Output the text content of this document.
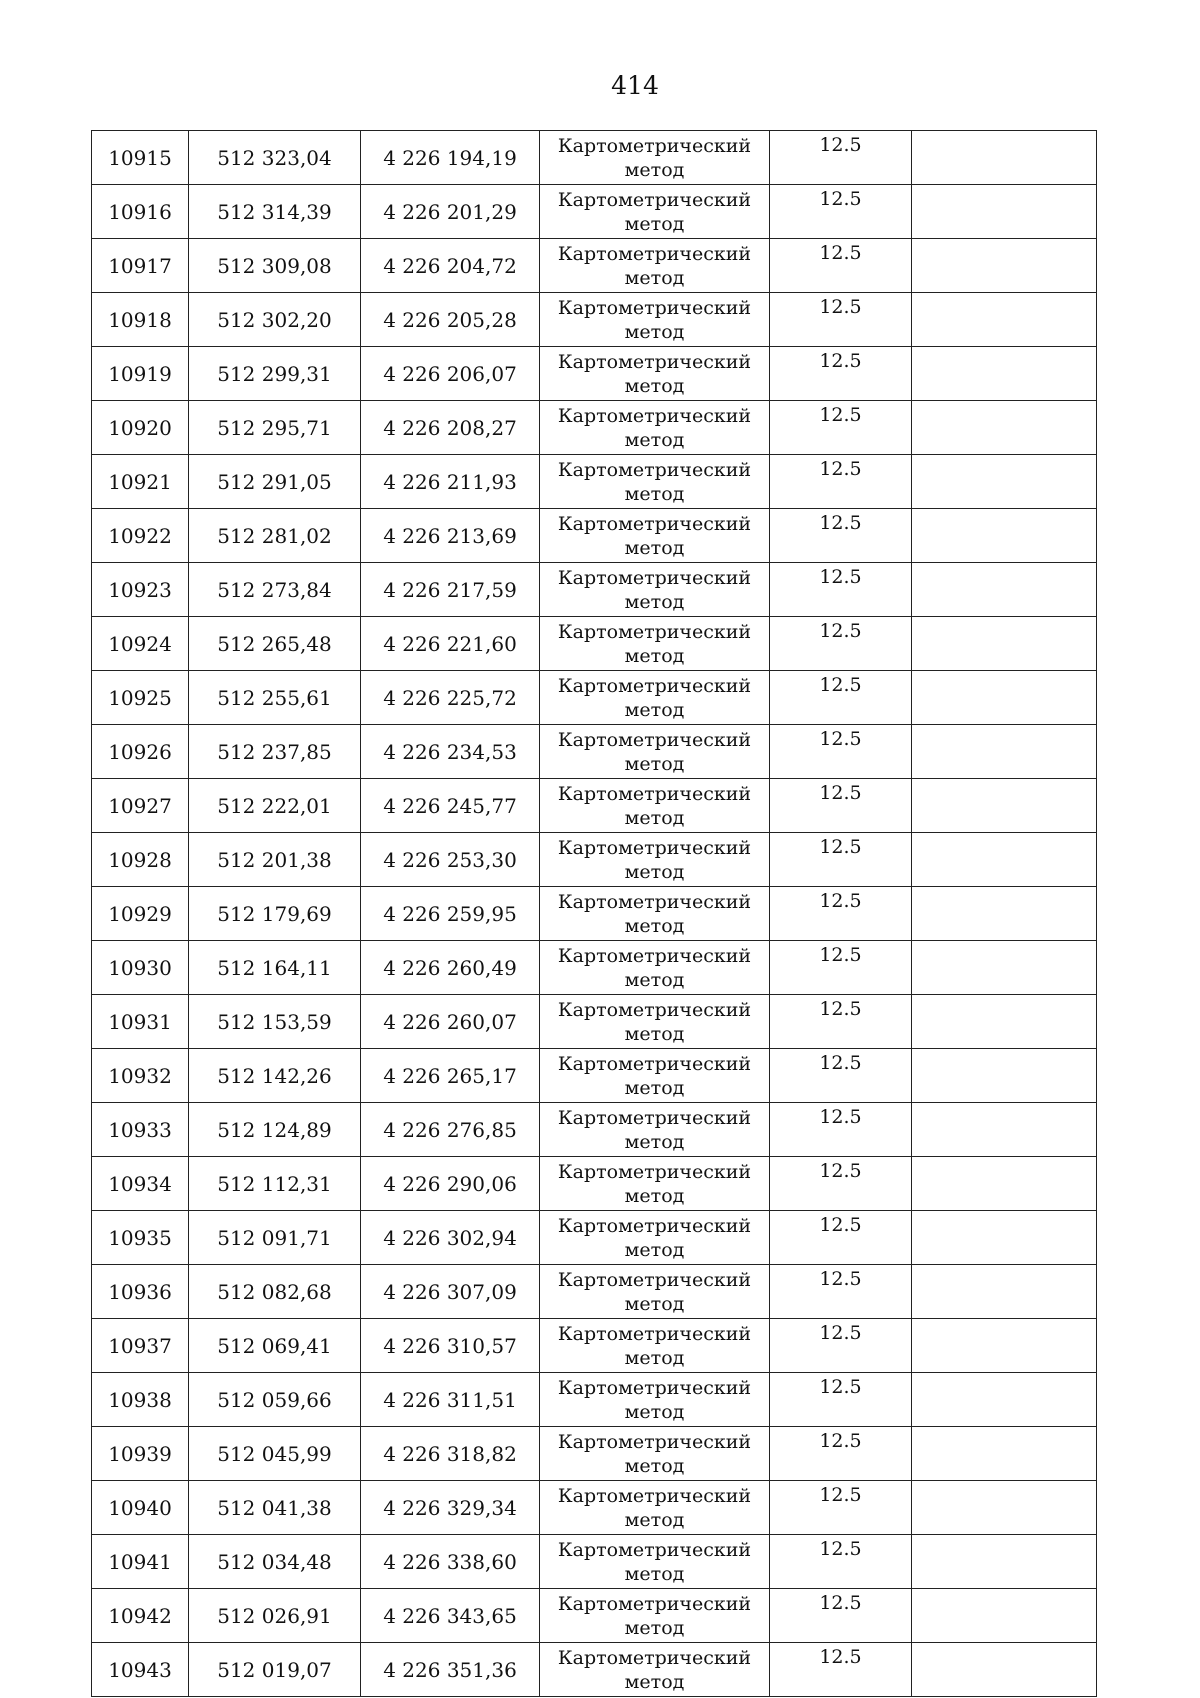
414
10915	512 323,04	4 226 194,19	Картометрический
метод	12.5	
10916	512 314,39	4 226 201,29	Картометрический
метод	12.5	
10917	512 309,08	4 226 204,72	Картометрический
метод	12.5	
10918	512 302,20	4 226 205,28	Картометрический
метод	12.5	
10919	512 299,31	4 226 206,07	Картометрический
метод	12.5	
10920	512 295,71	4 226 208,27	Картометрический
метод	12.5	
10921	512 291,05	4 226 211,93	Картометрический
метод	12.5	
10922	512 281,02	4 226 213,69	Картометрический
метод	12.5	
10923	512 273,84	4 226 217,59	Картометрический
метод	12.5	
10924	512 265,48	4 226 221,60	Картометрический
метод	12.5	
10925	512 255,61	4 226 225,72	Картометрический
метод	12.5	
10926	512 237,85	4 226 234,53	Картометрический
метод	12.5	
10927	512 222,01	4 226 245,77	Картометрический
метод	12.5	
10928	512 201,38	4 226 253,30	Картометрический
метод	12.5	
10929	512 179,69	4 226 259,95	Картометрический
метод	12.5	
10930	512 164,11	4 226 260,49	Картометрический
метод	12.5	
10931	512 153,59	4 226 260,07	Картометрический
метод	12.5	
10932	512 142,26	4 226 265,17	Картометрический
метод	12.5	
10933	512 124,89	4 226 276,85	Картометрический
метод	12.5	
10934	512 112,31	4 226 290,06	Картометрический
метод	12.5	
10935	512 091,71	4 226 302,94	Картометрический
метод	12.5	
10936	512 082,68	4 226 307,09	Картометрический
метод	12.5	
10937	512 069,41	4 226 310,57	Картометрический
метод	12.5	
10938	512 059,66	4 226 311,51	Картометрический
метод	12.5	
10939	512 045,99	4 226 318,82	Картометрический
метод	12.5	
10940	512 041,38	4 226 329,34	Картометрический
метод	12.5	
10941	512 034,48	4 226 338,60	Картометрический
метод	12.5	
10942	512 026,91	4 226 343,65	Картометрический
метод	12.5	
10943	512 019,07	4 226 351,36	Картометрический
метод	12.5	
